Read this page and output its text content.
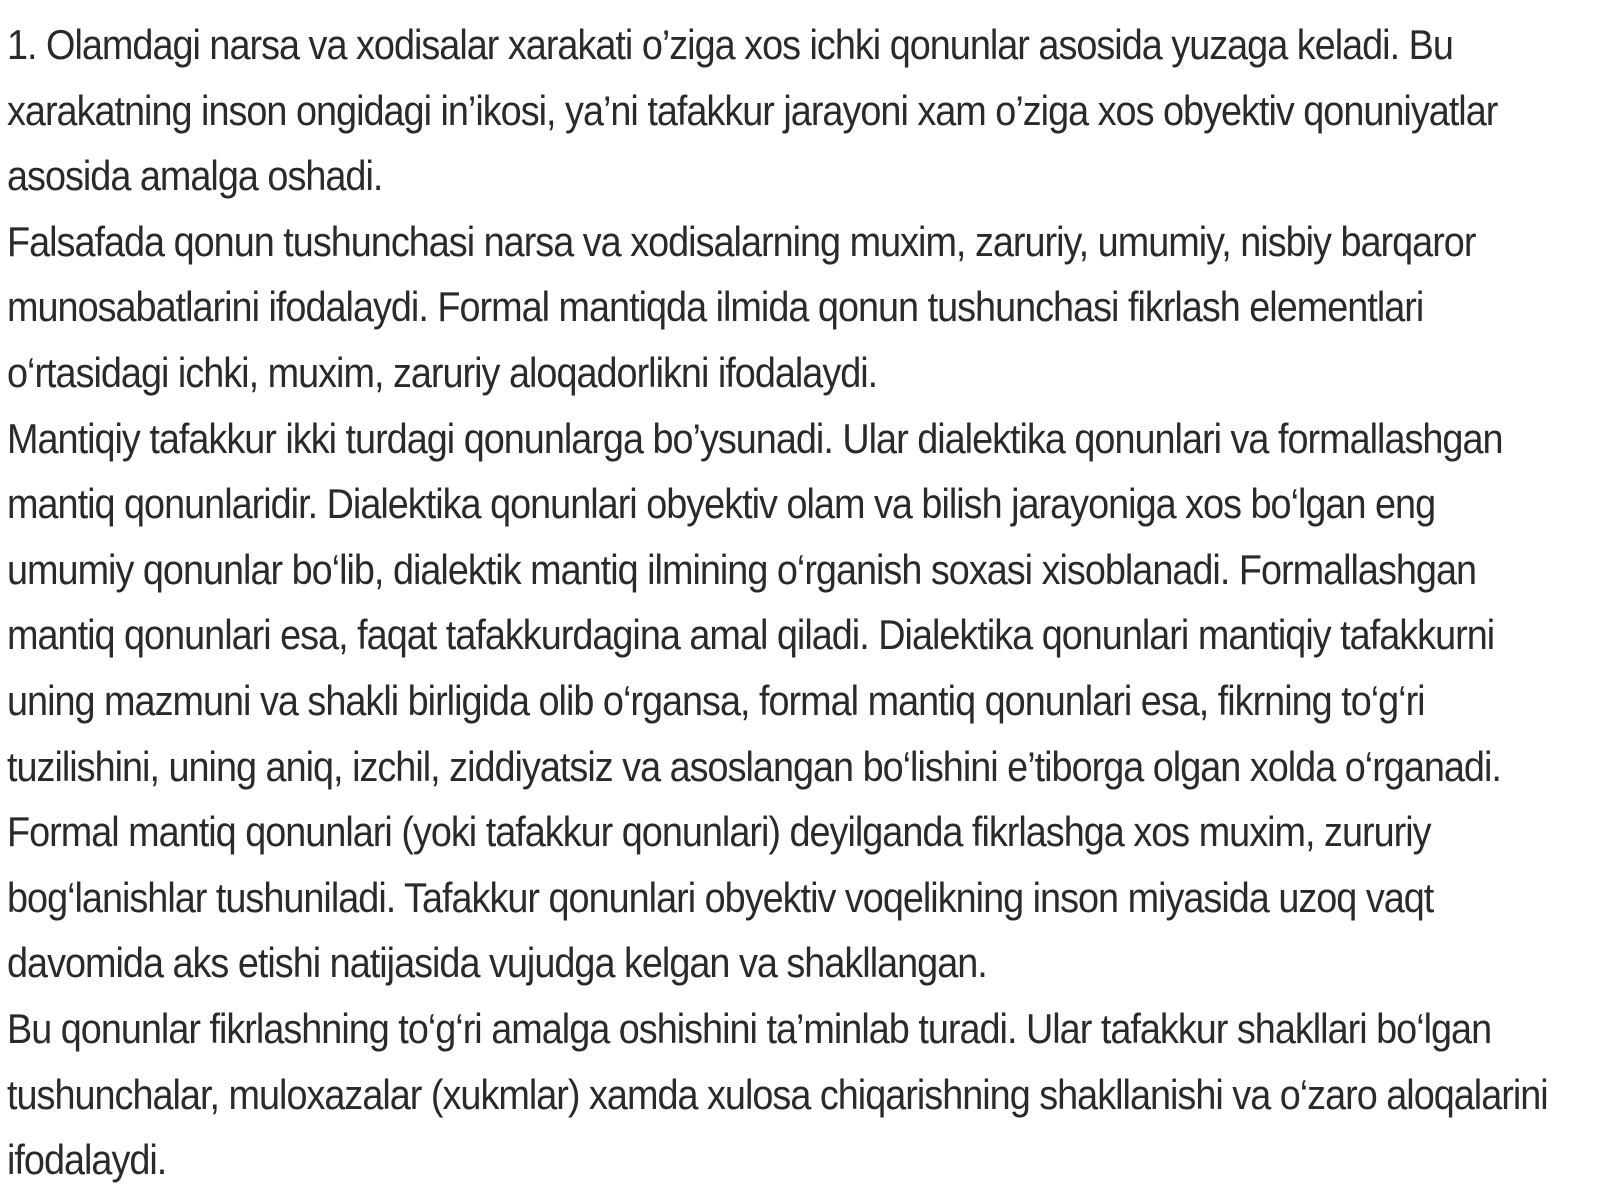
1. Olamdagi narsa va xodisalar xarakati o’ziga xos ichki qonunlar asosida yuzaga keladi. Bu
xarakatning inson ongidagi in’ikosi, ya’ni tafakkur jarayoni xam o’ziga xos obyektiv qonuniyatlar
asosida amalga oshadi.
Falsafada qonun tushunchasi narsa va xodisalarning muxim, zaruriy, umumiy, nisbiy barqaror
munosabatlarini ifodalaydi. Formal mantiqda ilmida qonun tushunchasi fikrlash elementlari
o‘rtasidagi ichki, muxim, zaruriy aloqadorlikni ifodalaydi.
Mantiqiy tafakkur ikki turdagi qonunlarga bo’ysunadi. Ular dialektika qonunlari va formallashgan
mantiq qonunlaridir. Dialektika qonunlari obyektiv olam va bilish jarayoniga xos bo‘lgan eng
umumiy qonunlar bo‘lib, dialektik mantiq ilmining o‘rganish soxasi xisoblanadi. Formallashgan
mantiq qonunlari esa, faqat tafakkurdagina amal qiladi. Dialektika qonunlari mantiqiy tafakkurni
uning mazmuni va shakli birligida olib o‘rgansa, formal mantiq qonunlari esa, fikrning to‘g‘ri
tuzilishini, uning aniq, izchil, ziddiyatsiz va asoslangan bo‘lishini e’tiborga olgan xolda o‘rganadi.
Formal mantiq qonunlari (yoki tafakkur qonunlari) deyilganda fikrlashga xos muxim, zururiy
bog‘lanishlar tushuniladi. Tafakkur qonunlari obyektiv voqelikning inson miyasida uzoq vaqt
davomida aks etishi natijasida vujudga kelgan va shakllangan.
Bu qonunlar fikrlashning to‘g‘ri amalga oshishini ta’minlab turadi. Ular tafakkur shakllari bo‘lgan
tushunchalar, muloxazalar (xukmlar) xamda xulosa chiqarishning shakllanishi va o‘zaro aloqalarini
ifodalaydi.
